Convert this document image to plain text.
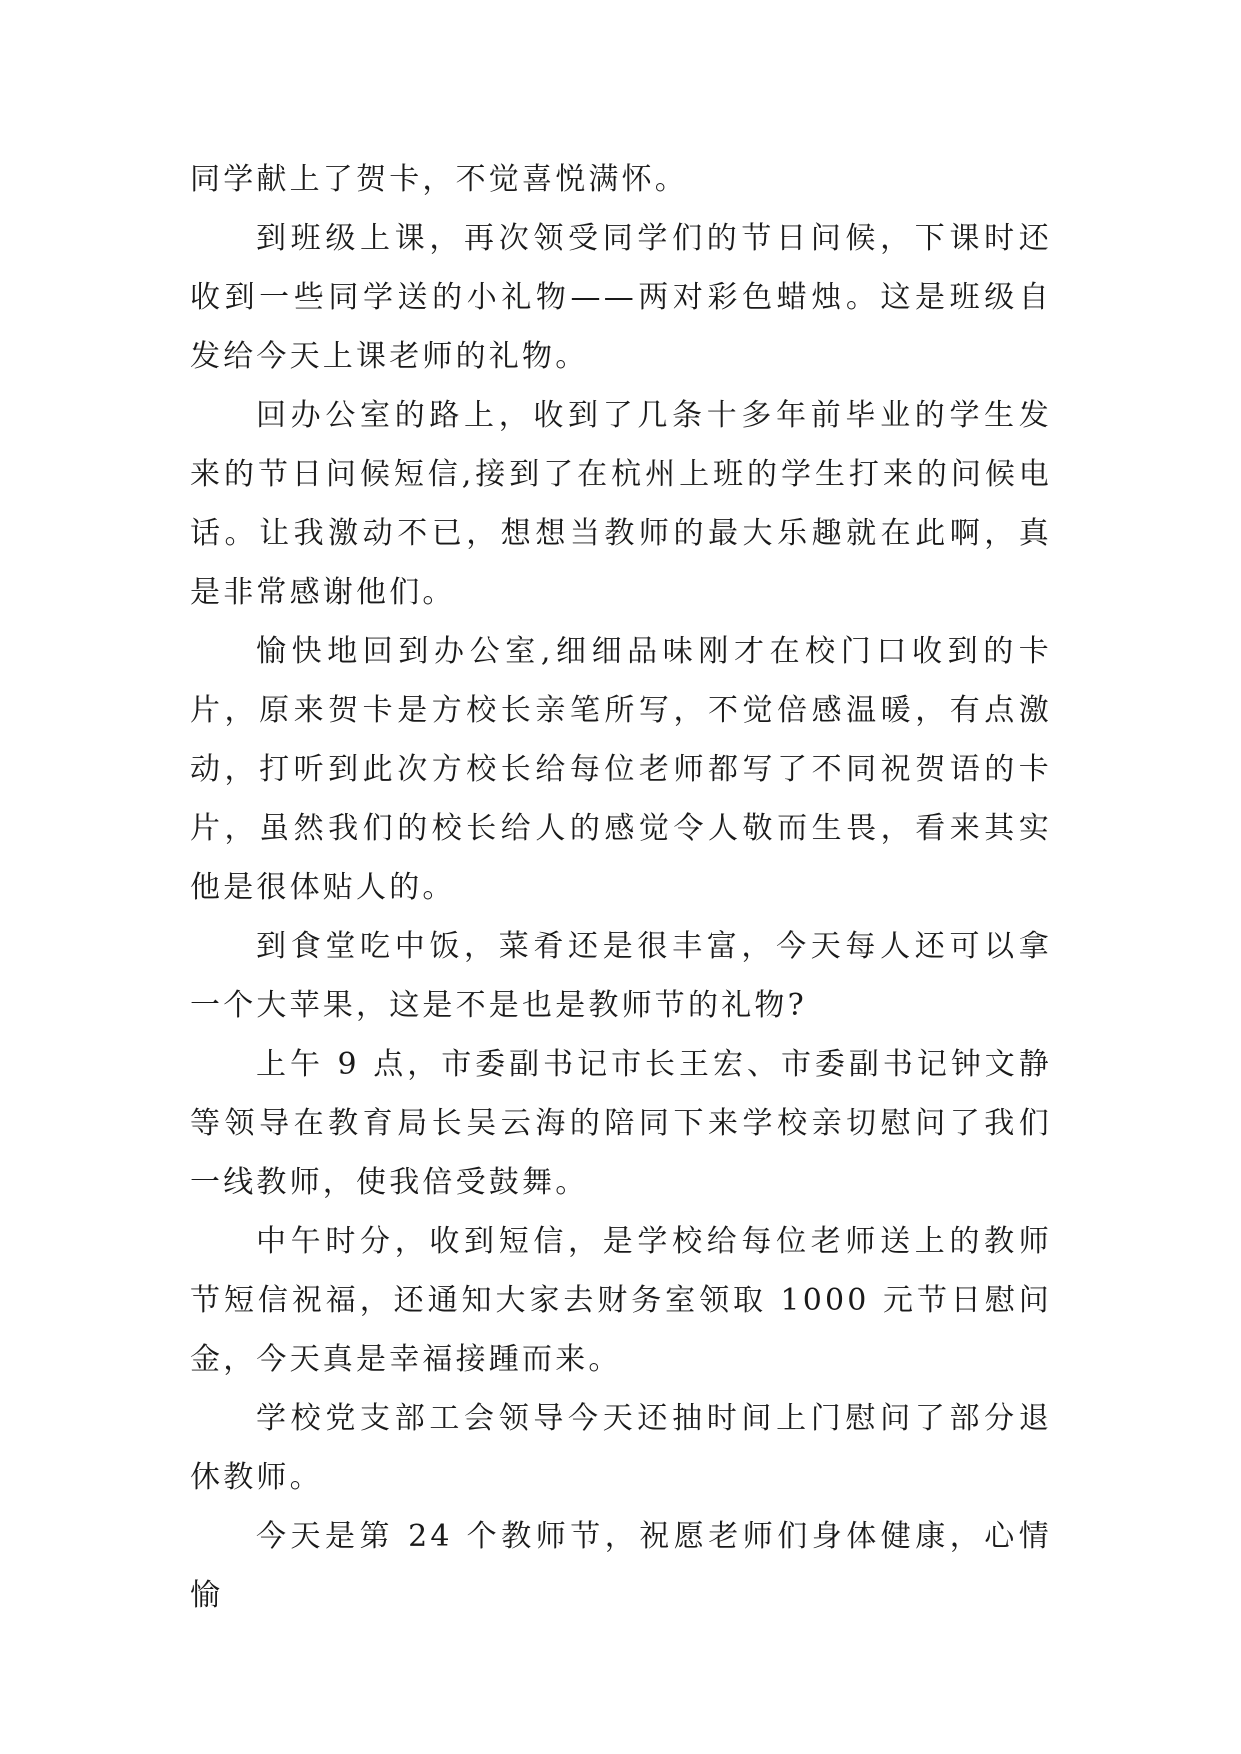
同学献上了贺卡，不觉喜悦满怀。

到班级上课，再次领受同学们的节日问候，下课时还收到一些同学送的小礼物——两对彩色蜡烛。这是班级自发给今天上课老师的礼物。

回办公室的路上，收到了几条十多年前毕业的学生发来的节日问候短信,接到了在杭州上班的学生打来的问候电话。让我激动不已，想想当教师的最大乐趣就在此啊，真是非常感谢他们。

愉快地回到办公室,细细品味刚才在校门口收到的卡片，原来贺卡是方校长亲笔所写，不觉倍感温暖，有点激动，打听到此次方校长给每位老师都写了不同祝贺语的卡片，虽然我们的校长给人的感觉令人敬而生畏，看来其实他是很体贴人的。

到食堂吃中饭，菜肴还是很丰富，今天每人还可以拿一个大苹果，这是不是也是教师节的礼物?

上午 9 点，市委副书记市长王宏、市委副书记钟文静等领导在教育局长吴云海的陪同下来学校亲切慰问了我们一线教师，使我倍受鼓舞。

中午时分，收到短信，是学校给每位老师送上的教师节短信祝福，还通知大家去财务室领取 1000 元节日慰问金，今天真是幸福接踵而来。

学校党支部工会领导今天还抽时间上门慰问了部分退休教师。

今天是第 24 个教师节，祝愿老师们身体健康，心情愉
